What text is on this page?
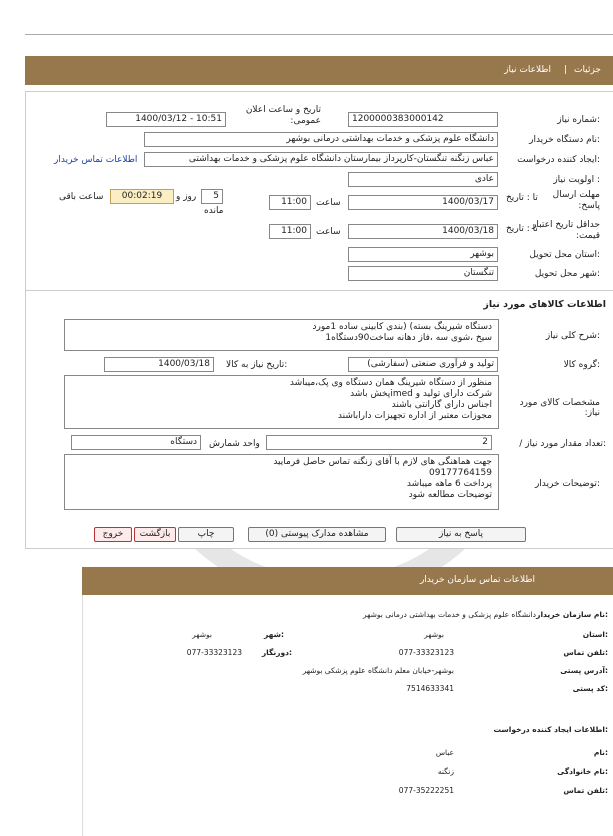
جزئیات
|
اطلاعات نیاز
شماره نیاز:
1200000383000142
تاریخ و ساعت اعلان عمومی:
1400/03/12 - 10:51
نام دستگاه خریدار:
دانشگاه علوم پزشکی و خدمات بهداشتی درمانی بوشهر
ایجاد کننده درخواست:
عباس زنگنه تنگستان-کارپرداز بیمارستان دانشگاه علوم پزشکی و خدمات بهداشتی
اطلاعات تماس خریدار
اولویت نیاز :
عادی
مهلت ارسال پاسخ:
تا : تاریخ
1400/03/17
ساعت
11:00
5
روز و
00:02:19
ساعت باقی
مانده
حداقل تاریخ اعتبار قیمت:
تا : تاریخ
1400/03/18
ساعت
11:00
استان محل تحویل:
بوشهر
شهر محل تحویل:
تنگستان
اطلاعات کالاهای مورد نیاز
شرح کلی نیاز:
دستگاه شیرینگ بسته) (بندی کابینی ساده 1مورد
سیخ ،شوی سه ،فاز دهانه ساخت90دستگاه1
گروه کالا:
تولید و فرآوری صنعتی (سفارشی)
تاریخ نیاز به کالا:
1400/03/18
مشخصات کالای مورد نیاز:
منظور از دستگاه شیرینگ همان دستگاه وی پک،میباشد
شرکت دارای تولید و imedپخش باشد
اجناس دارای گارانتی باشند
مجوزات معتبر از اداره تجهیزات داراباشند
/ تعداد مقدار مورد نیاز:
2
واحد شمارش
دستگاه
توضیحات خریدار:
جهت هماهنگی های لازم با آقای زنگنه تماس حاصل فرمایید
09177764159
پرداخت 6 ماهه میباشد
توضیحات مطالعه شود
پاسخ به نیاز
مشاهده مدارک پیوستی (0)
چاپ
بازگشت
خروج
اطلاعات تماس سازمان خریدار
نام سازمان خریدار:
دانشگاه علوم پزشکی و خدمات بهداشتی درمانی بوشهر
استان:
بوشهر
شهر:
بوشهر
تلفن تماس:
077-33323123
دورنگار:
077-33323123
آدرس پستی:
بوشهر-خیابان معلم دانشگاه علوم پزشکی بوشهر
کد پستی:
7514633341
اطلاعات ایجاد کننده درخواست:
نام:
عباس
نام خانوادگی:
زنگنه
تلفن تماس:
077-35222251
